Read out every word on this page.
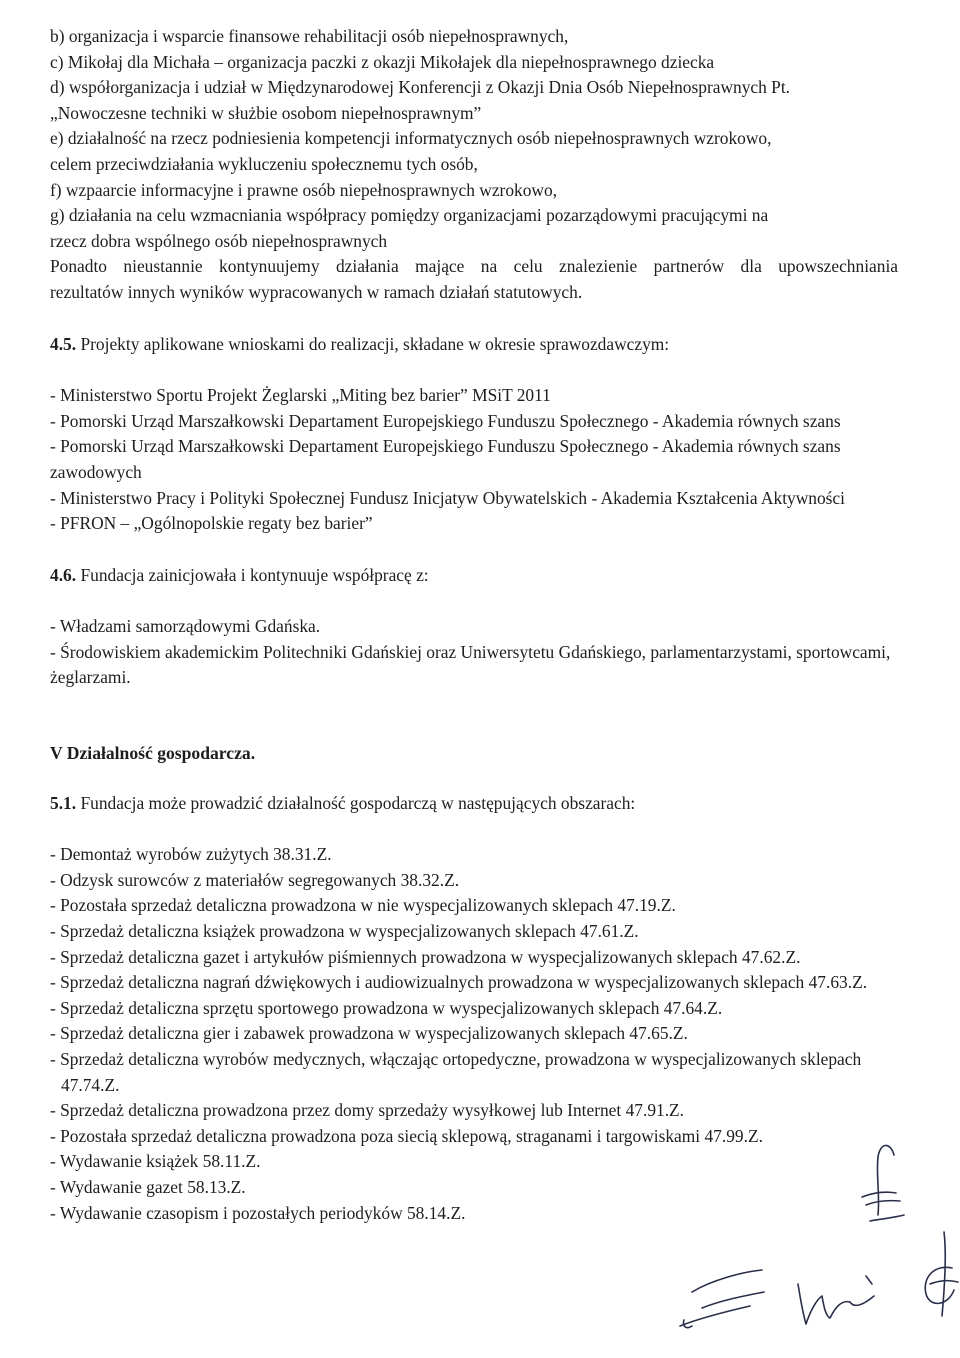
b) organizacja i wsparcie finansowe rehabilitacji osób niepełnosprawnych,

c) Mikołaj dla Michała – organizacja paczki z okazji Mikołajek dla niepełnosprawnego dziecka

d) współorganizacja i udział w Międzynarodowej Konferencji z Okazji Dnia Osób Niepełnosprawnych Pt.

„Nowoczesne techniki w służbie osobom niepełnosprawnym”

e) działalność na rzecz podniesienia kompetencji informatycznych osób niepełnosprawnych wzrokowo,

celem przeciwdziałania wykluczeniu społecznemu tych osób,

f) wzpaarcie informacyjne i prawne osób niepełnosprawnych wzrokowo,

g) działania na celu wzmacniania współpracy pomiędzy organizacjami pozarządowymi pracującymi na

rzecz dobra wspólnego osób niepełnosprawnych

Ponadto nieustannie kontynuujemy działania mające na celu znalezienie partnerów dla upowszechniania

rezultatów innych wyników wypracowanych w ramach działań statutowych.

4.5. Projekty aplikowane wnioskami do realizacji, składane w okresie sprawozdawczym:

- Ministerstwo Sportu Projekt Żeglarski „Miting bez barier” MSiT 2011

- Pomorski Urząd Marszałkowski Departament Europejskiego Funduszu Społecznego - Akademia równych szans

- Pomorski Urząd Marszałkowski Departament Europejskiego Funduszu Społecznego - Akademia równych szans zawodowych

- Ministerstwo Pracy i Polityki Społecznej Fundusz Inicjatyw Obywatelskich - Akademia Kształcenia Aktywności

- PFRON – „Ogólnopolskie regaty bez barier”

4.6. Fundacja zainicjowała i kontynuuje współpracę z:

- Władzami samorządowymi Gdańska.

- Środowiskiem akademickim Politechniki Gdańskiej oraz Uniwersytetu Gdańskiego, parlamentarzystami, sportowcami, żeglarzami.

V Działalność gospodarcza.

5.1. Fundacja może prowadzić działalność gospodarczą w następujących obszarach:

- Demontaż wyrobów zużytych 38.31.Z.

- Odzysk surowców z materiałów segregowanych 38.32.Z.

- Pozostała sprzedaż detaliczna prowadzona w nie wyspecjalizowanych sklepach 47.19.Z.

- Sprzedaż detaliczna książek prowadzona w wyspecjalizowanych sklepach 47.61.Z.

- Sprzedaż detaliczna gazet i artykułów piśmiennych prowadzona w wyspecjalizowanych sklepach 47.62.Z.

- Sprzedaż detaliczna nagrań dźwiękowych i audiowizualnych prowadzona w wyspecjalizowanych sklepach 47.63.Z.

- Sprzedaż detaliczna sprzętu sportowego prowadzona w wyspecjalizowanych sklepach 47.64.Z.

- Sprzedaż detaliczna gier i zabawek prowadzona w wyspecjalizowanych sklepach 47.65.Z.

- Sprzedaż detaliczna wyrobów medycznych, włączając ortopedyczne, prowadzona w wyspecjalizowanych sklepach 47.74.Z.

- Sprzedaż detaliczna prowadzona przez domy sprzedaży wysyłkowej lub Internet 47.91.Z.

- Pozostała sprzedaż detaliczna prowadzona poza siecią sklepową, straganami i targowiskami 47.99.Z.

- Wydawanie książek 58.11.Z.

- Wydawanie gazet 58.13.Z.

- Wydawanie czasopism i pozostałych periodyków 58.14.Z.
